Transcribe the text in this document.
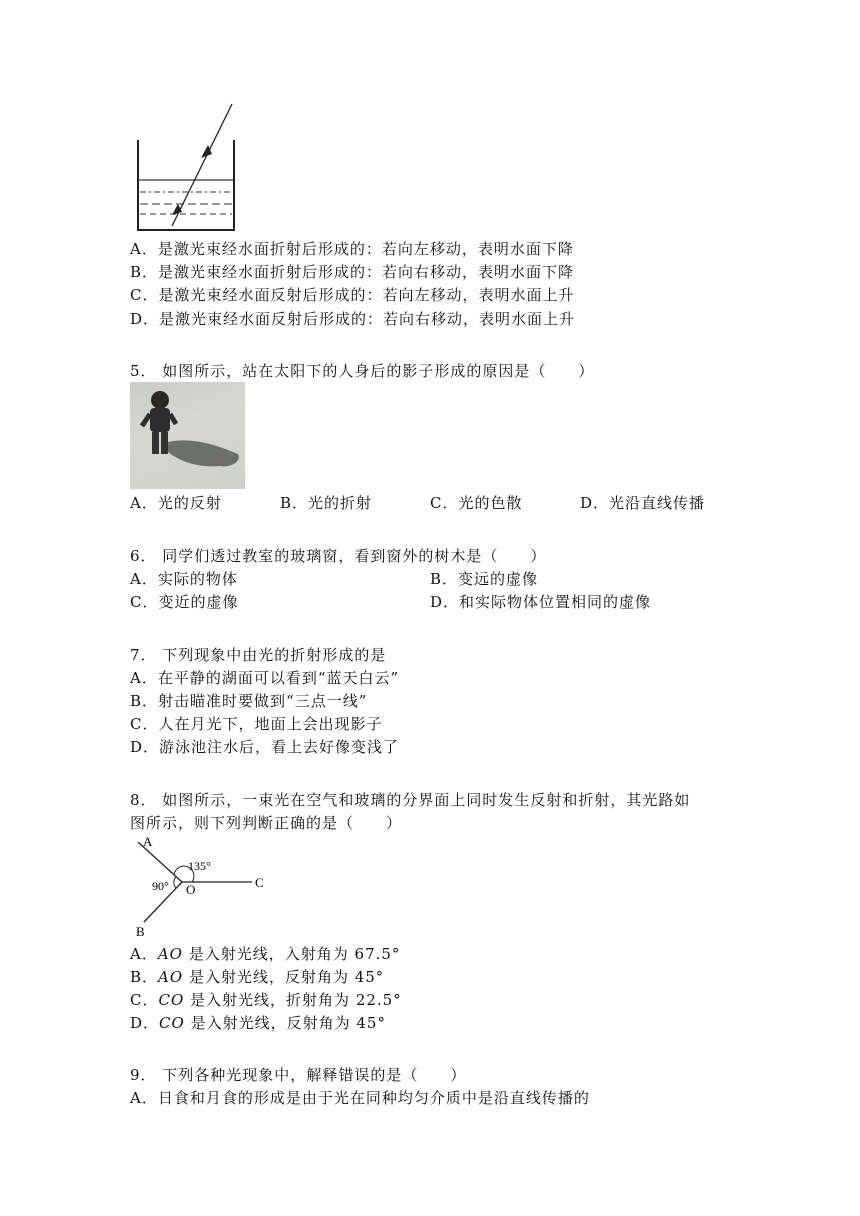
A．是激光束经水面折射后形成的：若向左移动，表明水面下降
B．是激光束经水面折射后形成的：若向右移动，表明水面下降
C．是激光束经水面反射后形成的：若向左移动，表明水面上升
D．是激光束经水面反射后形成的：若向右移动，表明水面上升
5． 如图所示，站在太阳下的人身后的影子形成的原因是（　　）
A．光的反射	B．光的折射	C．光的色散	D．光沿直线传播
6． 同学们透过教室的玻璃窗，看到窗外的树木是（　　）
A．实际的物体	B．变远的虚像
C．变近的虚像	D．和实际物体位置相同的虚像
7． 下列现象中由光的折射形成的是
A．在平静的湖面可以看到“蓝天白云”
B．射击瞄准时要做到“三点一线”
C．人在月光下，地面上会出现影子
D．游泳池注水后，看上去好像变浅了
8． 如图所示，一束光在空气和玻璃的分界面上同时发生反射和折射，其光路如
图所示，则下列判断正确的是（　　）
A
B
C
O
135°
90°
A．AO 是入射光线，入射角为 67.5°
B．AO 是入射光线，反射角为 45°
C．CO 是入射光线，折射角为 22.5°
D．CO 是入射光线，反射角为 45°
9． 下列各种光现象中，解释错误的是（　　）
A．日食和月食的形成是由于光在同种均匀介质中是沿直线传播的
